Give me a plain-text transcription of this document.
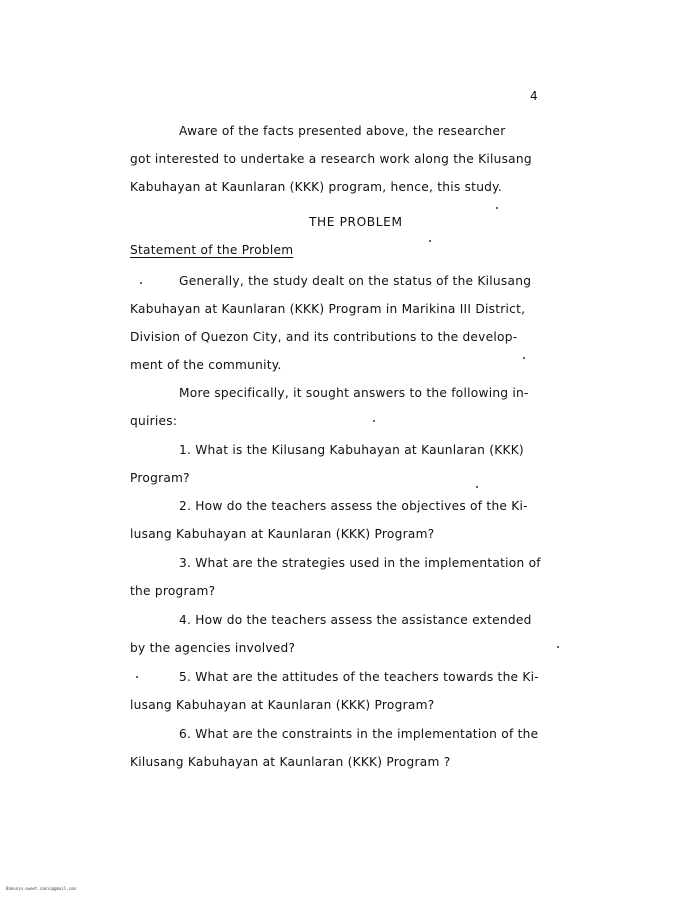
4
Aware of the facts presented above, the researcher
got interested to undertake a research work along the Kilusang
Kabuhayan at Kaunlaran (KKK) program, hence, this study.
THE PROBLEM
Statement of the Problem
Generally, the study dealt on the status of the Kilusang
Kabuhayan at Kaunlaran (KKK) Program in Marikina III District,
Division of Quezon City, and its contributions to the develop-
ment of the community.
More specifically, it sought answers to the following in-
quiries:
1. What is the Kilusang Kabuhayan at Kaunlaran (KKK)
Program?
2. How do the teachers assess the objectives of the Ki-
lusang Kabuhayan at Kaunlaran (KKK) Program?
3. What are the strategies used in the implementation of
the program?
4. How do the teachers assess the assistance extended
by the agencies involved?
5. What are the attitudes of the teachers towards the Ki-
lusang Kabuhayan at Kaunlaran (KKK) Program?
6. What are the constraints in the implementation of the
Kilusang Kabuhayan at Kaunlaran (KKK) Program ?
Bakunin.sweet.comic@gmail.com
